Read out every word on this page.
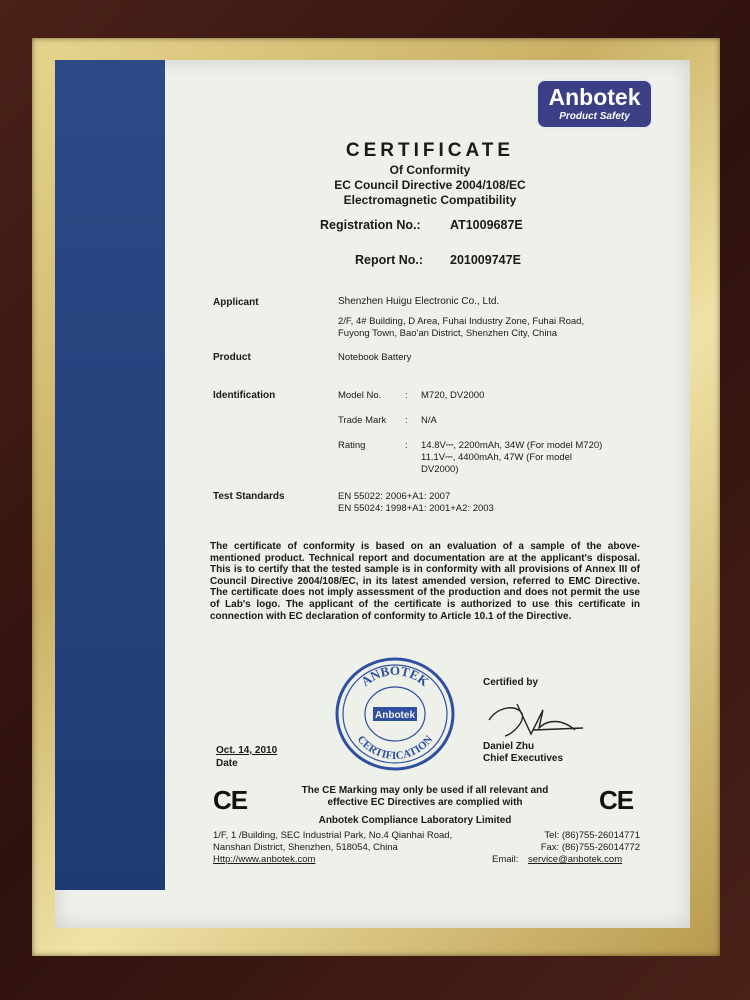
Anbotek
Product Safety
CERTIFICATE
Of Conformity
EC Council Directive 2004/108/EC
Electromagnetic Compatibility
Registration No.: AT1009687E
Report No.: 201009747E
Applicant	Shenzhen Huigu Electronic Co., Ltd.
2/F, 4# Building, D Area, Fuhai Industry Zone, Fuhai Road,
Fuyong Town, Bao'an District, Shenzhen City, China
Product	Notebook Battery
Identification	Model No. : M720, DV2000
Trade Mark : N/A
Rating	: 14.8V⎓, 2200mAh, 34W (For model M720)
11.1V⎓, 4400mAh, 47W (For model
DV2000)
Test Standards	EN 55022: 2006+A1: 2007
EN 55024: 1998+A1: 2001+A2: 2003
The certificate of conformity is based on an evaluation of a sample of the above-mentioned product. Technical report and documentation are at the applicant's disposal. This is to certify that the tested sample is in conformity with all provisions of Annex III of Council Directive 2004/108/EC, in its latest amended version, referred to EMC Directive. The certificate does not imply assessment of the production and does not permit the use of Lab's logo. The applicant of the certificate is authorized to use this certificate in connection with EC declaration of conformity to Article 10.1 of the Directive.
ANBOTEK
CERTIFICATION
Anbotek
Certified by
Daniel Zhu
Chief Executives
Oct. 14, 2010
Date
CE	CE
The CE Marking may only be used if all relevant and
effective EC Directives are complied with
Anbotek Compliance Laboratory Limited
1/F, 1 /Building, SEC Industrial Park, No.4 Qianhai Road,
Nanshan District, Shenzhen, 518054, China
Http://www.anbotek.com
Tel: (86)755-26014771
Fax: (86)755-26014772
Email: service@anbotek.com
